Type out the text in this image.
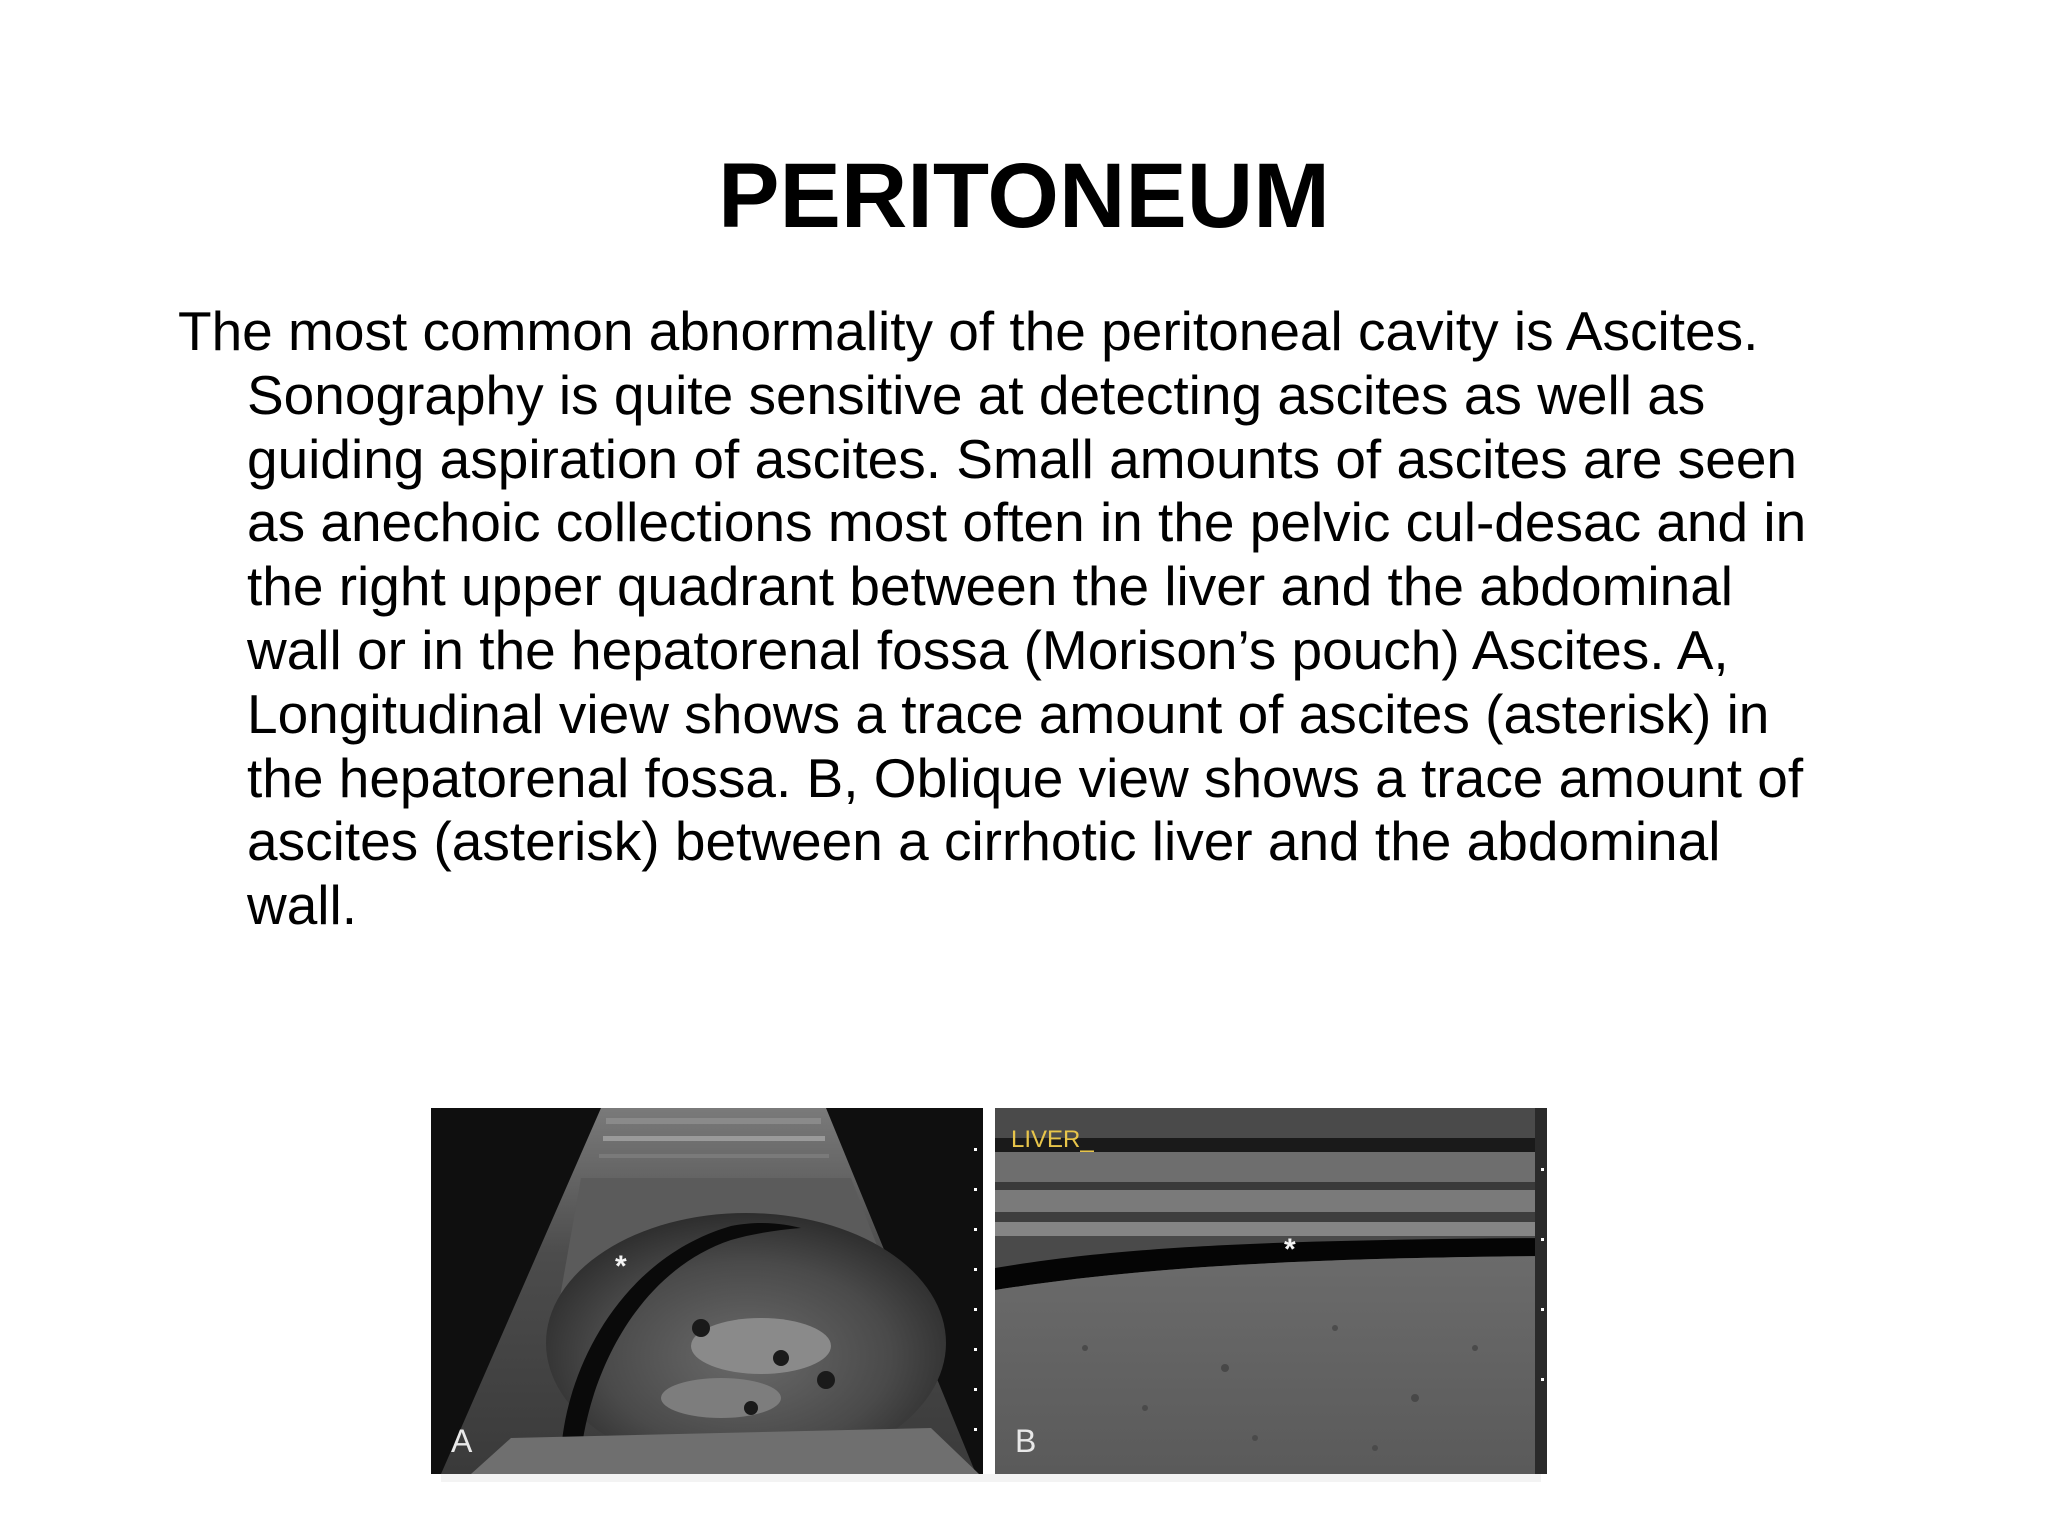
PERITONEUM
The most common abnormality of the peritoneal cavity is Ascites.
Sonography is quite sensitive at detecting ascites as well as
guiding aspiration of ascites. Small amounts of ascites are seen
as anechoic collections most often in the pelvic cul-desac and in
the right upper quadrant between the liver and the abdominal
wall or in the hepatorenal fossa (Morison’s pouch) Ascites. A,
Longitudinal view shows a trace amount of ascites (asterisk) in
the hepatorenal fossa. B, Oblique view shows a trace amount of
ascites (asterisk) between a cirrhotic liver and the abdominal
wall.
*
A
LIVER_
*
B
